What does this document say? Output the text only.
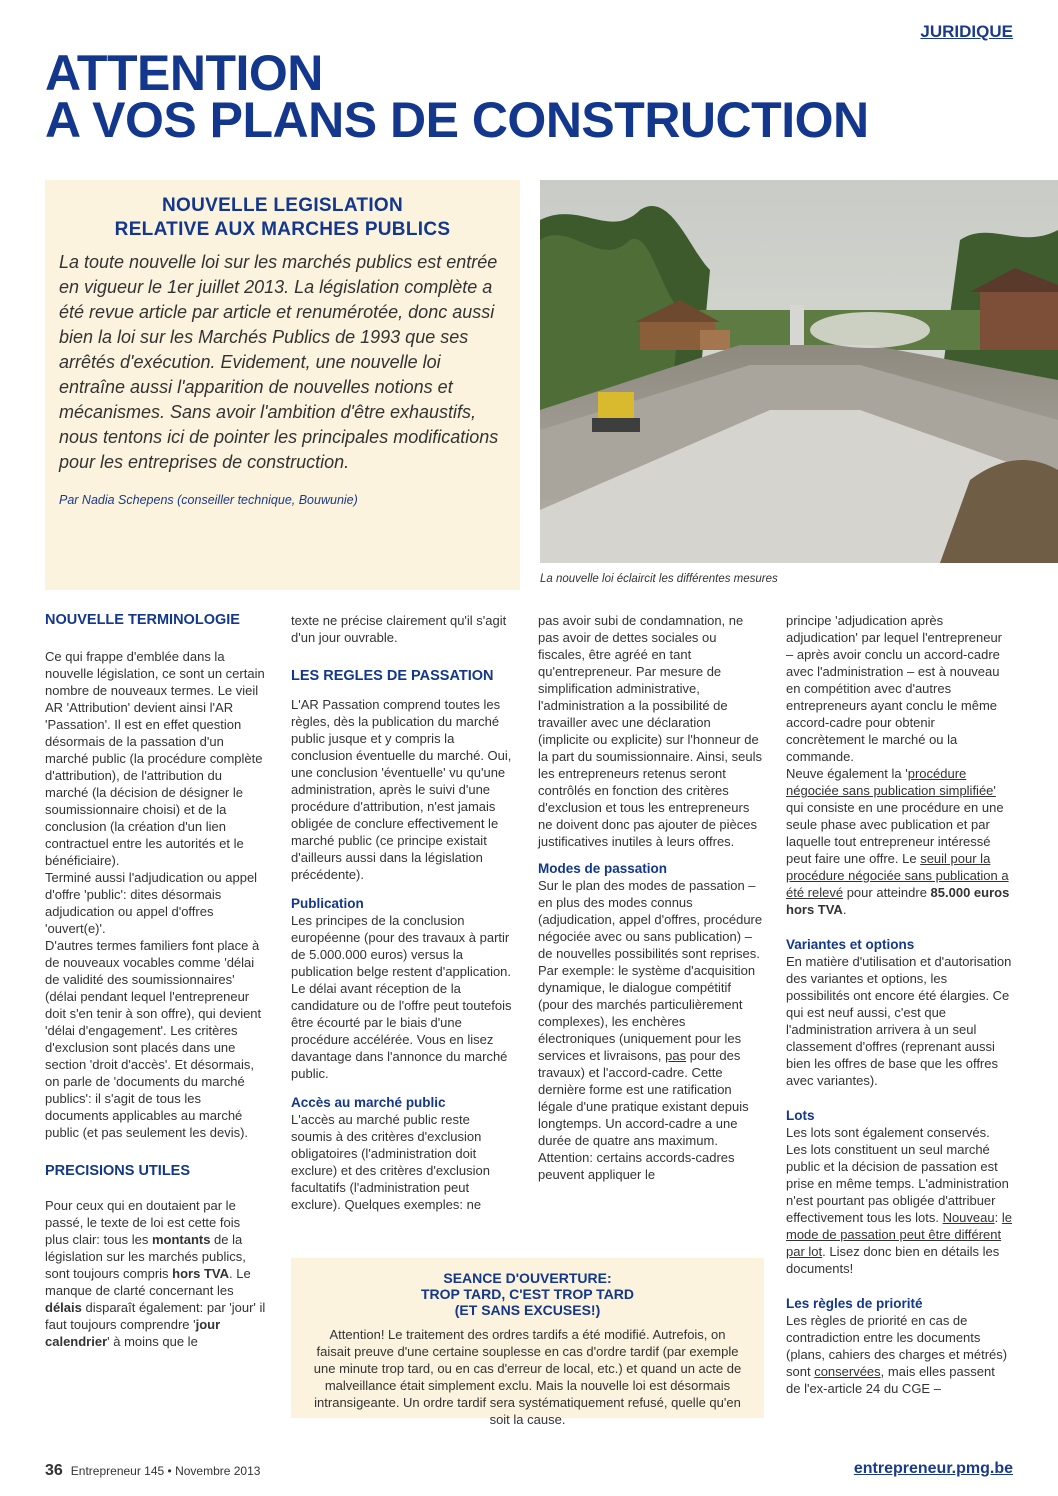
JURIDIQUE
ATTENTION
A VOS PLANS DE CONSTRUCTION
NOUVELLE LEGISLATION
RELATIVE AUX MARCHES PUBLICS
La toute nouvelle loi sur les marchés publics est entrée en vigueur le 1er juillet 2013. La législation complète a été revue article par article et renumérotée, donc aussi bien la loi sur les Marchés Publics de 1993 que ses arrêtés d'exécution. Evidement, une nouvelle loi entraîne aussi l'apparition de nouvelles notions et mécanismes. Sans avoir l'ambition d'être exhaustifs, nous tentons ici de pointer les principales modifications pour les entreprises de construction.
Par Nadia Schepens (conseiller technique, Bouwunie)
La nouvelle loi éclaircit les différentes mesures
NOUVELLE TERMINOLOGIE

Ce qui frappe d'emblée dans la nouvelle législation, ce sont un certain nombre de nouveaux termes. Le vieil AR 'Attribution' devient ainsi l'AR 'Passation'. Il est en effet question désormais de la passation d'un marché public (la procédure complète d'attribution), de l'attribution du marché (la décision de désigner le soumissionnaire choisi) et de la conclusion (la création d'un lien contractuel entre les autorités et le bénéficiaire).

Terminé aussi l'adjudication ou appel d'offre 'public': dites désormais adjudication ou appel d'offres 'ouvert(e)'.

D'autres termes familiers font place à de nouveaux vocables comme 'délai de validité des soumissionnaires' (délai pendant lequel l'entrepreneur doit s'en tenir à son offre), qui devient 'délai d'engagement'. Les critères d'exclusion sont placés dans une section 'droit d'accès'. Et désormais, on parle de 'documents du marché publics': il s'agit de tous les documents applicables au marché public (et pas seulement les devis).

PRECISIONS UTILES

Pour ceux qui en doutaient par le passé, le texte de loi est cette fois plus clair: tous les montants de la législation sur les marchés publics, sont toujours compris hors TVA. Le manque de clarté concernant les délais disparaît également: par 'jour' il faut toujours comprendre 'jour calendrier' à moins que le

texte ne précise clairement qu'il s'agit d'un jour ouvrable.

LES REGLES DE PASSATION

L'AR Passation comprend toutes les règles, dès la publication du marché public jusque et y compris la conclusion éventuelle du marché. Oui, une conclusion 'éventuelle' vu qu'une administration, après le suivi d'une procédure d'attribution, n'est jamais obligée de conclure effectivement le marché public (ce principe existait d'ailleurs aussi dans la législation précédente).

Publication

Les principes de la conclusion européenne (pour des travaux à partir de 5.000.000 euros) versus la publication belge restent d'application. Le délai avant réception de la candidature ou de l'offre peut toutefois être écourté par le biais d'une procédure accélérée. Vous en lisez davantage dans l'annonce du marché public.

Accès au marché public

L'accès au marché public reste soumis à des critères d'exclusion obligatoires (l'administration doit exclure) et des critères d'exclusion facultatifs (l'administration peut exclure). Quelques exemples: ne

pas avoir subi de condamnation, ne pas avoir de dettes sociales ou fiscales, être agréé en tant qu'entrepreneur. Par mesure de simplification administrative, l'administration a la possibilité de travailler avec une déclaration (implicite ou explicite) sur l'honneur de la part du soumissionnaire. Ainsi, seuls les entrepreneurs retenus seront contrôlés en fonction des critères d'exclusion et tous les entrepreneurs ne doivent donc pas ajouter de pièces justificatives inutiles à leurs offres.

Modes de passation

Sur le plan des modes de passation – en plus des modes connus (adjudication, appel d'offres, procédure négociée avec ou sans publication) – de nouvelles possibilités sont reprises. Par exemple: le système d'acquisition dynamique, le dialogue compétitif (pour des marchés particulièrement complexes), les enchères électroniques (uniquement pour les services et livraisons, pas pour des travaux) et l'accord-cadre. Cette dernière forme est une ratification légale d'une pratique existant depuis longtemps. Un accord-cadre a une durée de quatre ans maximum. Attention: certains accords-cadres peuvent appliquer le

principe 'adjudication après adjudication' par lequel l'entrepreneur – après avoir conclu un accord-cadre avec l'administration – est à nouveau en compétition avec d'autres entrepreneurs ayant conclu le même accord-cadre pour obtenir concrètement le marché ou la commande.

Neuve également la 'procédure négociée sans publication simplifiée' qui consiste en une procédure en une seule phase avec publication et par laquelle tout entrepreneur intéressé peut faire une offre. Le seuil pour la procédure négociée sans publication a été relevé pour atteindre 85.000 euros hors TVA.

Variantes et options

En matière d'utilisation et d'autorisation des variantes et options, les possibilités ont encore été élargies. Ce qui est neuf aussi, c'est que l'administration arrivera à un seul classement d'offres (reprenant aussi bien les offres de base que les offres avec variantes).

Lots

Les lots sont également conservés. Les lots constituent un seul marché public et la décision de passation est prise en même temps. L'administration n'est pourtant pas obligée d'attribuer effectivement tous les lots. Nouveau: le mode de passation peut être différent par lot. Lisez donc bien en détails les documents!

Les règles de priorité

Les règles de priorité en cas de contradiction entre les documents (plans, cahiers des charges et métrés) sont conservées, mais elles passent de l'ex-article 24 du CGE –

SEANCE D'OUVERTURE:
TROP TARD, C'EST TROP TARD
(ET SANS EXCUSES!)
Attention! Le traitement des ordres tardifs a été modifié. Autrefois, on faisait preuve d'une certaine souplesse en cas d'ordre tardif (par exemple une minute trop tard, ou en cas d'erreur de local, etc.) et quand un acte de malveillance était simplement exclu. Mais la nouvelle loi est désormais intransigeante. Un ordre tardif sera systématiquement refusé, quelle qu'en soit la cause.
36 Entrepreneur 145 • Novembre 2013	entrepreneur.pmg.be
